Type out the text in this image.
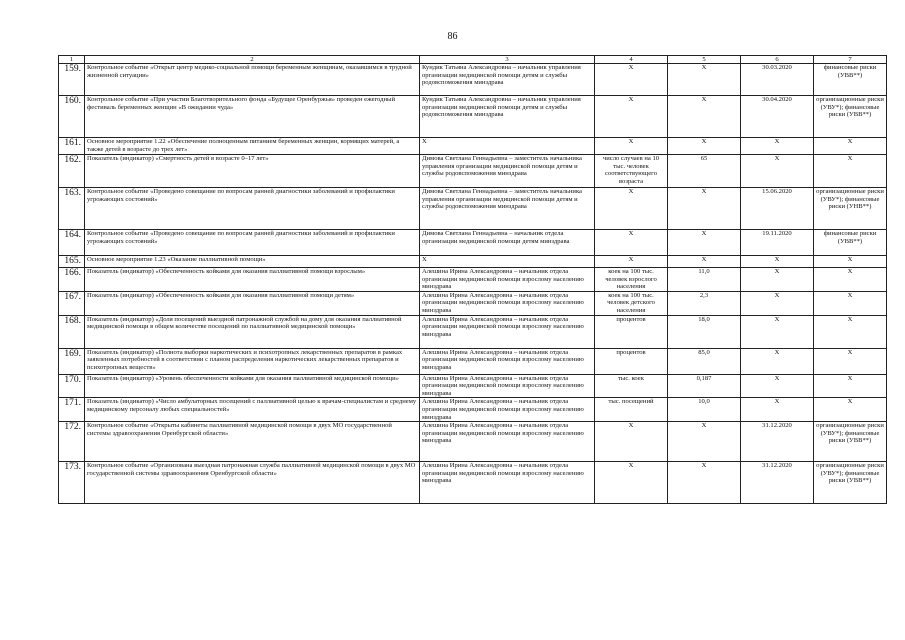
86
1	2	3	4	5	6	7
159.	Контрольное событие «Открыт центр медико-социальной помощи беременным женщинам, оказавшимся в трудной жизненной ситуации»	Кундик Татьяна Александровна – начальник управления организации медицинской помощи детям и службы родовспоможения минздрава	X	X	30.03.2020	финансовые риски (УВВ**)
160.	Контрольное событие «При участии Благотворительного фонда «Будущее Оренбуржья» проведен ежегодный фестиваль беременных женщин «В ожидании чуда»	Кундик Татьяна Александровна – начальник управления организации медицинской помощи детям и службы родовспоможения минздрава	X	X	30.04.2020	организационные риски (УВУ*); финансовые риски (УВВ**)
161.	Основное мероприятие 1.22 «Обеспечение полноценным питанием беременных женщин, кормящих матерей, а также детей в возрасте до трех лет»	X	X	X	X	X
162.	Показатель (индикатор) «Смертность детей в возрасте 0–17 лет»	Димова Светлана Геннадьевна – заместитель начальника управления организации медицинской помощи детям и службы родовспоможения минздрава	число случаев на 10 тыс. человек соответствующего возраста	65	X	X
163.	Контрольное событие «Проведено совещание по вопросам ранней диагностики заболеваний и профилактики угрожающих состояний»	Димова Светлана Геннадьевна – заместитель начальника управления организации медицинской помощи детям и службы родовспоможения минздрава	X	X	15.06.2020	организационные риски (УВУ*); финансовые риски (УНВ**)
164.	Контрольное событие «Проведено совещание по вопросам ранней диагностики заболеваний и профилактики угрожающих состояний»	Димова Светлана Геннадьевна – начальник отдела организации медицинской помощи детям минздрава	X	X	19.11.2020	финансовые риски (УВВ**)
165.	Основное мероприятие 1.23 «Оказание паллиативной помощи»	X	X	X	X	X
166.	Показатель (индикатор) «Обеспеченность койками для оказания паллиативной помощи взрослым»	Алешина Ирина Александровна – начальник отдела организации медицинской помощи взрослому населению минздрава	коек на 100 тыс. человек взрослого населения	11,0	X	X
167.	Показатель (индикатор) «Обеспеченность койками для оказания паллиативной помощи детям»	Алешина Ирина Александровна – начальник отдела организации медицинской помощи взрослому населению минздрава	коек на 100 тыс. человек детского населения	2,3	X	X
168.	Показатель (индикатор) «Доля посещений выездной патронажной службой на дому для оказания паллиативной медицинской помощи в общем количестве посещений по паллиативной медицинской помощи»	Алешина Ирина Александровна – начальник отдела организации медицинской помощи взрослому населению минздрава	процентов	18,0	X	X
169.	Показатель (индикатор) «Полнота выборки наркотических и психотропных лекарственных препаратов в рамках заявленных потребностей в соответствии с планом распределения наркотических лекарственных препаратов и психотропных веществ»	Алешина Ирина Александровна – начальник отдела организации медицинской помощи взрослому населению минздрава	процентов	85,0	X	X
170.	Показатель (индикатор) «Уровень обеспеченности койками для оказания паллиативной медицинской помощи»	Алешина Ирина Александровна – начальник отдела организации медицинской помощи взрослому населению минздрава	тыс. коек	0,187	X	X
171.	Показатель (индикатор) «Число амбулаторных посещений с паллиативной целью к врачам-специалистам и среднему медицинскому персоналу любых специальностей»	Алешина Ирина Александровна – начальник отдела организации медицинской помощи взрослому населению минздрава	тыс. посещений	10,0	X	X
172.	Контрольное событие «Открыты кабинеты паллиативной медицинской помощи в двух МО государственной системы здравоохранения Оренбургской области»	Алешина Ирина Александровна – начальник отдела организации медицинской помощи взрослому населению минздрава	X	X	31.12.2020	организационные риски (УВУ*); финансовые риски (УВВ**)
173.	Контрольное событие «Организована выездная патронажная служба паллиативной медицинской помощи в двух МО государственной системы здравоохранения Оренбургской области»	Алешина Ирина Александровна – начальник отдела организации медицинской помощи взрослому населению минздрава	X	X	31.12.2020	организационные риски (УВУ*); финансовые риски (УВВ**)
